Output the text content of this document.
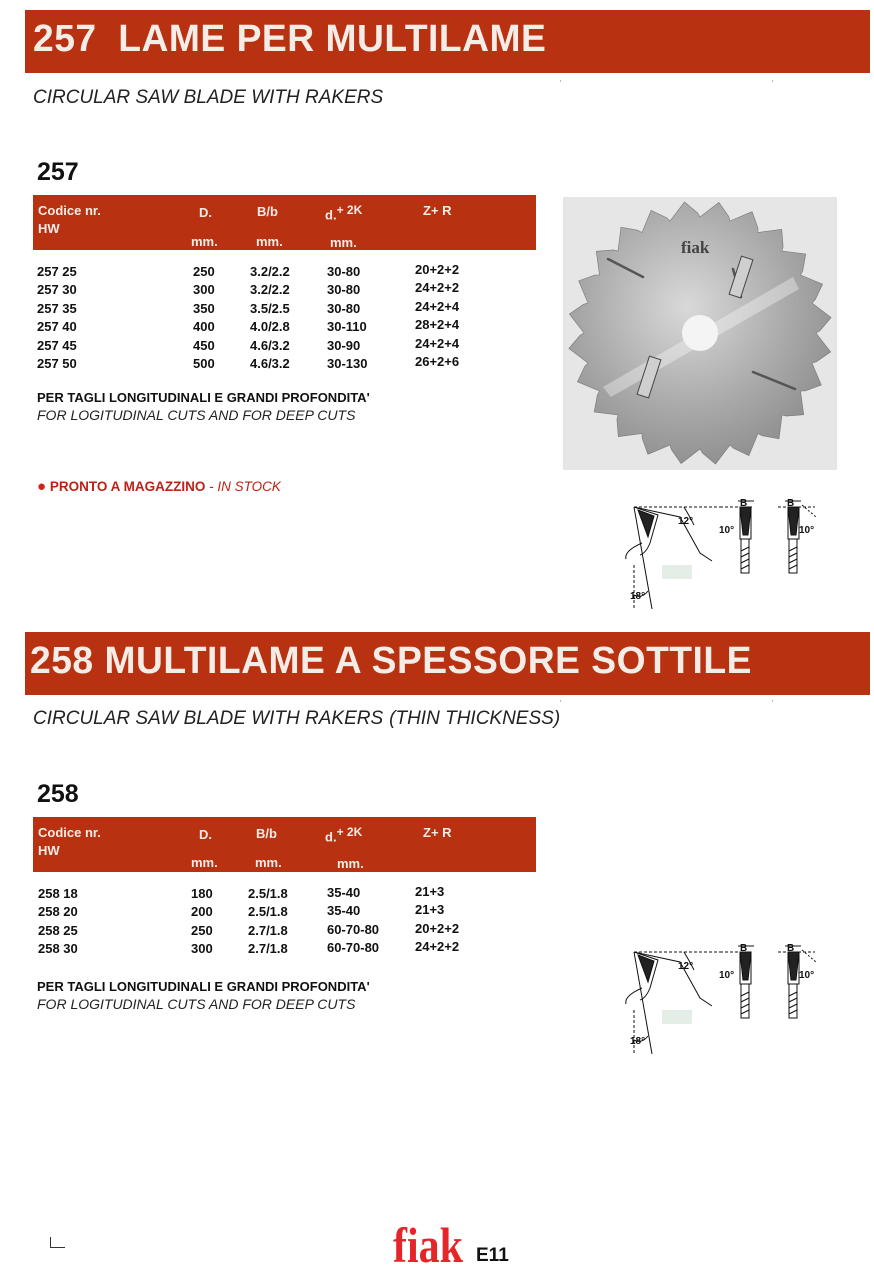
257  LAME PER MULTILAME
CIRCULAR SAW BLADE WITH RAKERS
257
Codice nr.
HW
D.	B/b	d.$^{+ 2K}$	Z+ R
mm.	mm.	mm.
257 25	250	3.2/2.2	30-80	20+2+2
257 30	300	3.2/2.2	30-80	24+2+2
257 35	350	3.5/2.5	30-80	24+2+4
257 40	400	4.0/2.8	30-110	28+2+4
257 45	450	4.6/3.2	30-90	24+2+4
257 50	500	4.6/3.2	30-130	26+2+6
PER TAGLI LONGITUDINALI E GRANDI PROFONDITA'
FOR LOGITUDINAL CUTS AND FOR DEEP CUTS
● PRONTO A MAGAZZINO - IN STOCK
fiak
12°
18°
10°	10°
B	B
258 MULTILAME A SPESSORE SOTTILE
CIRCULAR SAW BLADE WITH RAKERS (THIN THICKNESS)
258
Codice nr.
HW
D.	B/b	d.$^{+ 2K}$	Z+ R
mm.	mm.	mm.
258 18	180	2.5/1.8	35-40	21+3
258 20	200	2.5/1.8	35-40	21+3
258 25	250	2.7/1.8	60-70-80	20+2+2
258 30	300	2.7/1.8	60-70-80	24+2+2
PER TAGLI LONGITUDINALI E GRANDI PROFONDITA'
FOR LOGITUDINAL CUTS AND FOR DEEP CUTS
12°
18°
10°	10°
B	B
fiak E11
